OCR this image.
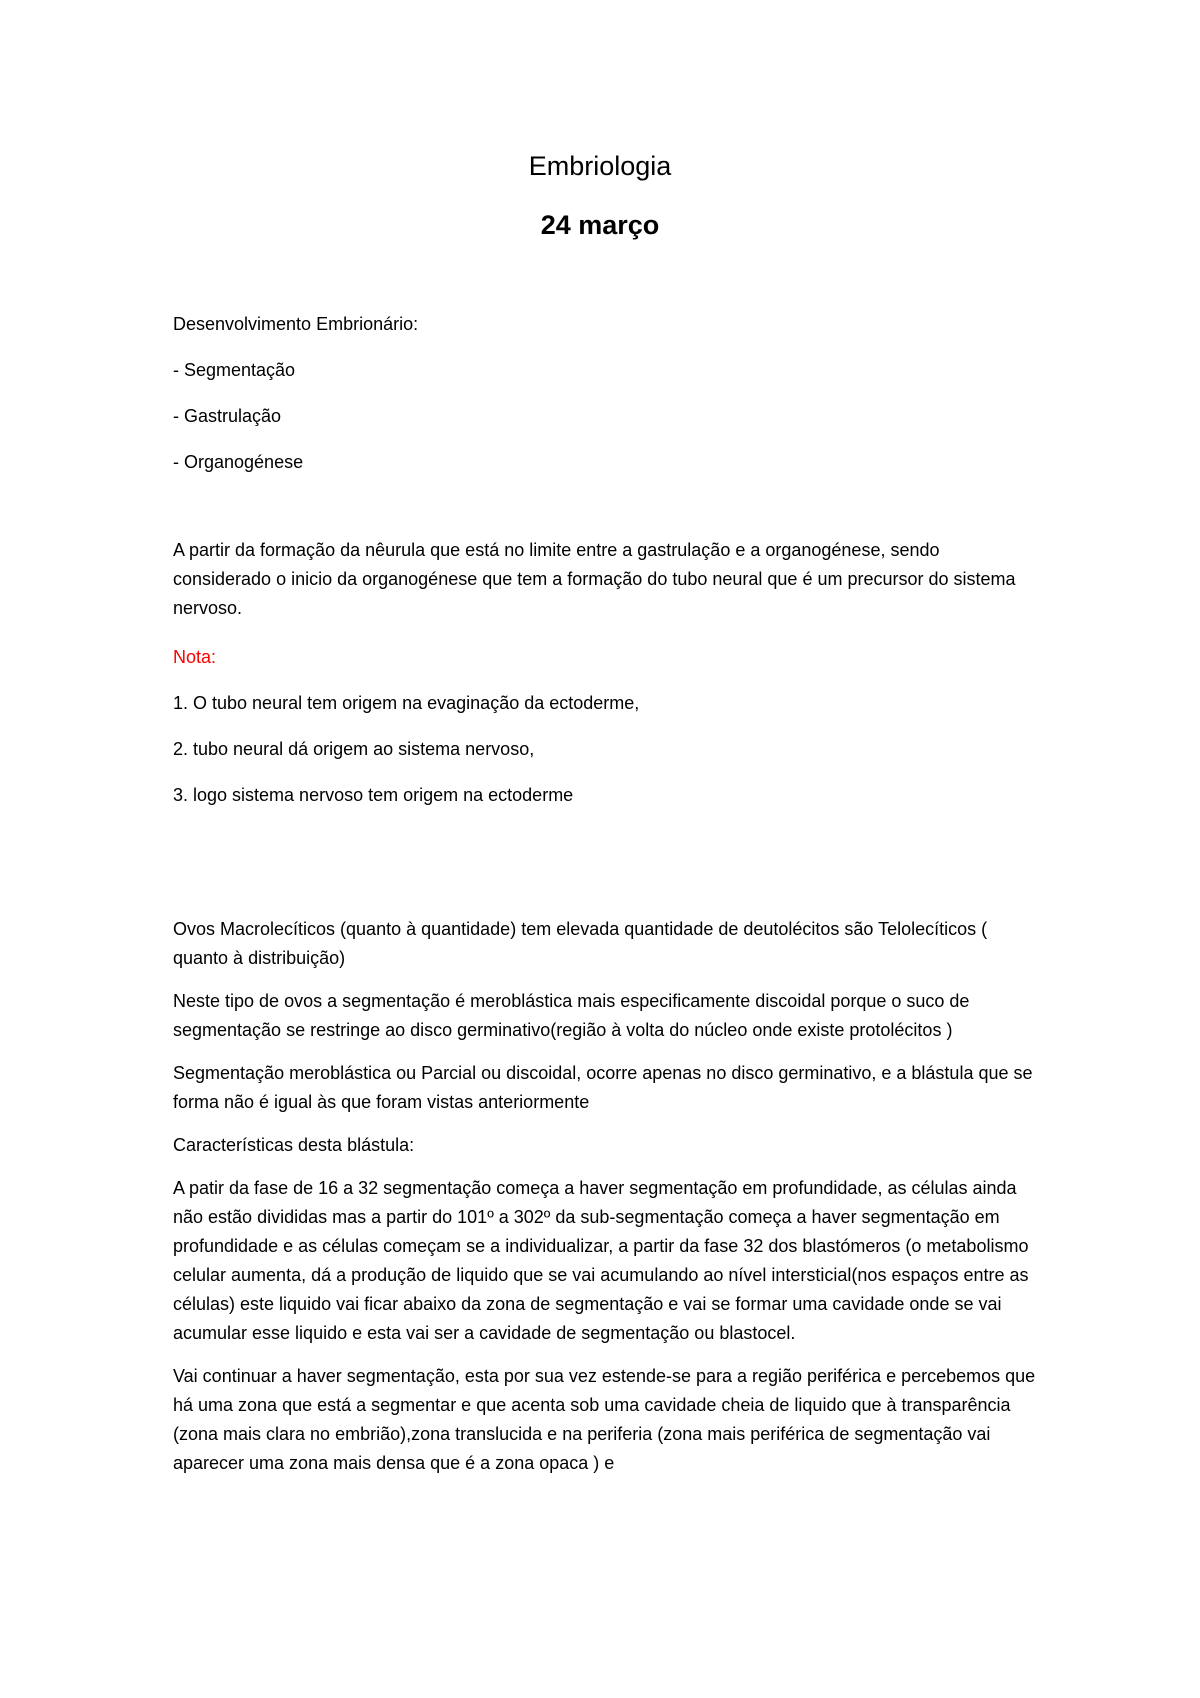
Embriologia
24 março

Desenvolvimento Embrionário:

- Segmentação

- Gastrulação

- Organogénese

A partir da formação da nêurula que está no limite entre a gastrulação e a organogénese, sendo considerado o inicio da organogénese que tem a formação do tubo neural que é um precursor do sistema nervoso.

Nota:

1. O tubo neural tem origem na evaginação da ectoderme,

2. tubo neural dá origem ao sistema nervoso,

3. logo sistema nervoso tem origem na ectoderme

Ovos Macrolecíticos (quanto à quantidade) tem elevada quantidade de deutolécitos são Telolecíticos ( quanto à distribuição)

Neste tipo de ovos a segmentação é meroblástica mais especificamente discoidal porque o suco de segmentação se restringe ao disco germinativo(região à volta do núcleo onde existe protolécitos )

Segmentação meroblástica ou Parcial ou discoidal, ocorre apenas no disco germinativo, e a blástula que se forma não é igual às que foram vistas anteriormente

Características desta blástula:

A patir da fase de 16 a 32 segmentação começa a haver segmentação em profundidade, as células ainda não estão divididas mas a partir do 101º a 302º da sub-segmentação começa a haver segmentação em profundidade e as células começam se a individualizar, a partir da fase 32 dos blastómeros (o metabolismo celular aumenta, dá a produção de liquido que se vai acumulando ao nível intersticial(nos espaços entre as células) este liquido vai ficar abaixo da zona de segmentação e vai se formar uma cavidade onde se vai acumular esse liquido e esta vai ser a cavidade de segmentação ou blastocel.

Vai continuar a haver segmentação, esta por sua vez estende-se para a região periférica e percebemos que há uma zona que está a segmentar e que acenta sob uma cavidade cheia de liquido que à transparência (zona mais clara no embrião),zona translucida e na periferia (zona mais periférica de segmentação vai aparecer uma zona mais densa que é a zona opaca ) e
